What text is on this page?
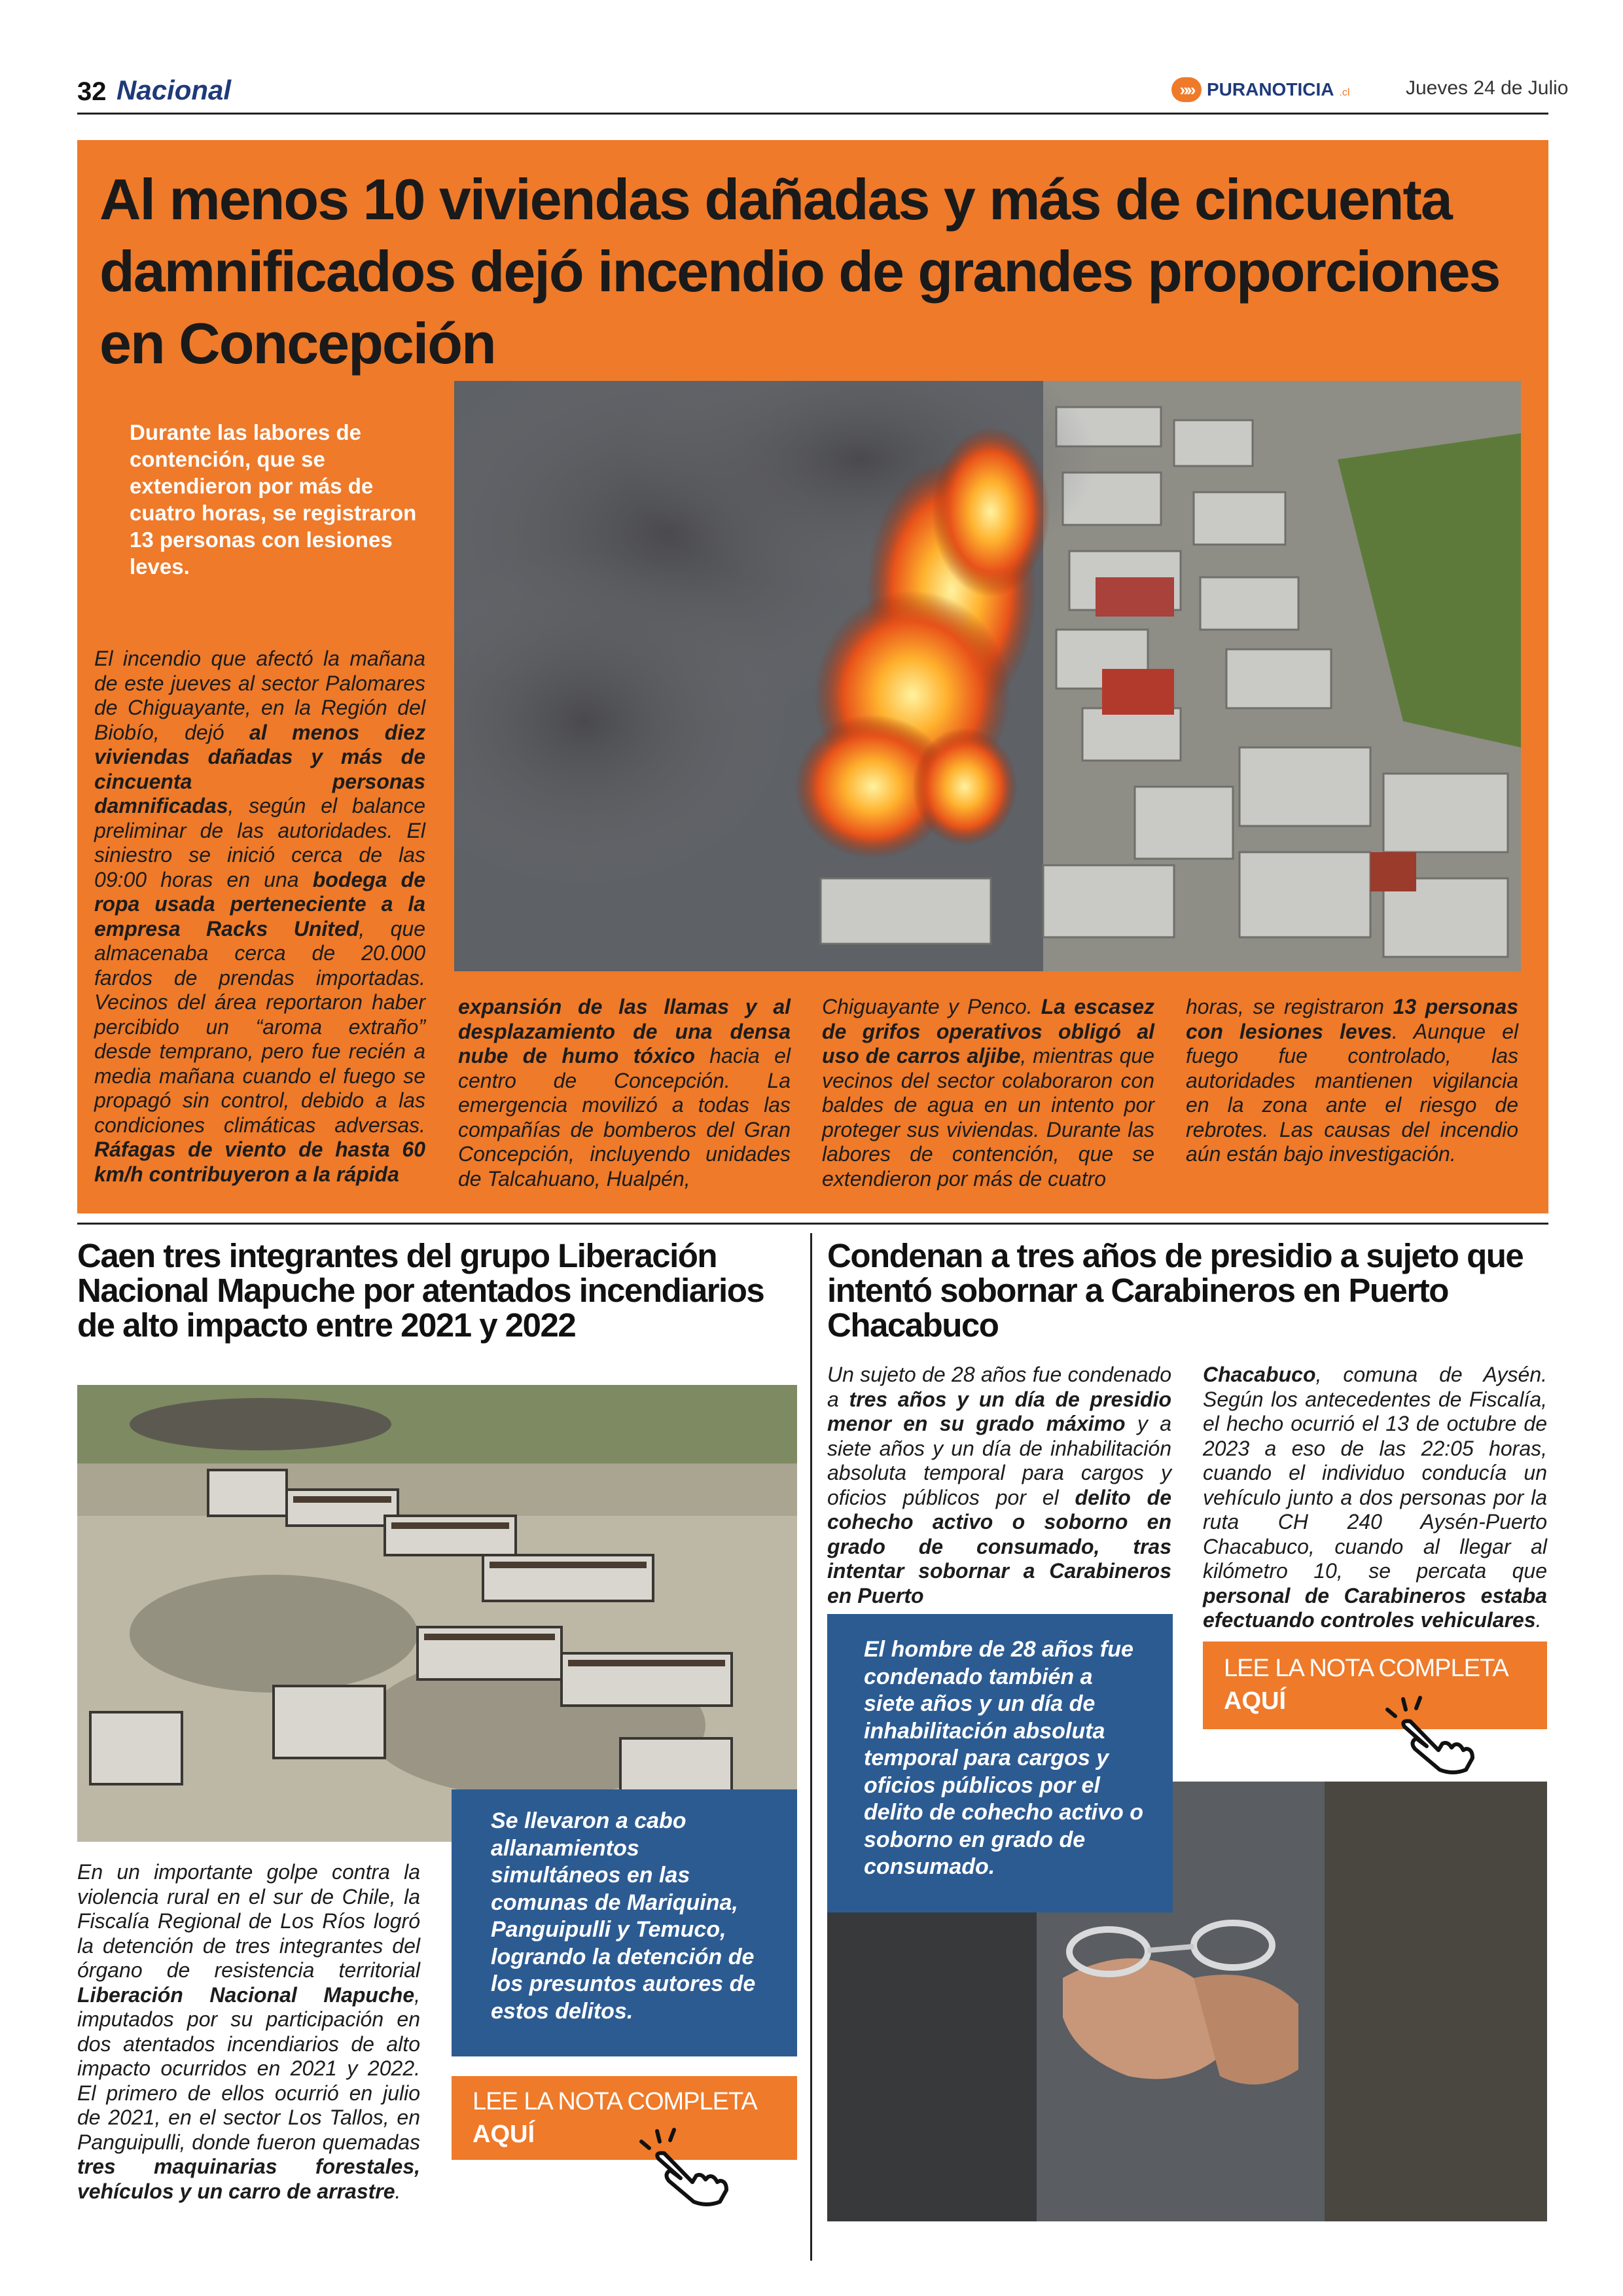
32 Nacional	»» PURANOTICIA .cl	Jueves 24 de Julio
Al menos 10 viviendas dañadas y más de cincuenta damnificados dejó incendio de grandes proporciones en Concepción
Durante las labores de contención, que se extendieron por más de cuatro horas, se registraron 13 personas con lesiones leves.
El incendio que afectó la mañana de este jueves al sector Palomares de Chiguayante, en la Región del Biobío, dejó al menos diez viviendas dañadas y más de cincuenta personas damnificadas, según el balance preliminar de las autoridades. El siniestro se inició cerca de las 09:00 horas en una bodega de ropa usada perteneciente a la empresa Racks United, que almacenaba cerca de 20.000 fardos de prendas importadas. Vecinos del área reportaron haber percibido un “aroma extraño” desde temprano, pero fue recién a media mañana cuando el fuego se propagó sin control, debido a las condiciones climáticas adversas. Ráfagas de viento de hasta 60 km/h contribuyeron a la rápida
expansión de las llamas y al desplazamiento de una densa nube de humo tóxico hacia el centro de Concepción. La emergencia movilizó a todas las compañías de bomberos del Gran Concepción, incluyendo unidades de Talcahuano, Hualpén,
Chiguayante y Penco. La escasez de grifos operativos obligó al uso de carros aljibe, mientras que vecinos del sector colaboraron con baldes de agua en un intento por proteger sus viviendas. Durante las labores de contención, que se extendieron por más de cuatro
horas, se registraron 13 personas con lesiones leves. Aunque el fuego fue controlado, las autoridades mantienen vigilancia en la zona ante el riesgo de rebrotes. Las causas del incendio aún están bajo investigación.
Caen tres integrantes del grupo Liberación Nacional Mapuche por atentados incendiarios de alto impacto entre 2021 y 2022
En un importante golpe contra la violencia rural en el sur de Chile, la Fiscalía Regional de Los Ríos logró la detención de tres integrantes del órgano de resistencia territorial Liberación Nacional Mapuche, imputados por su participación en dos atentados incendiarios de alto impacto ocurridos en 2021 y 2022. El primero de ellos ocurrió en julio de 2021, en el sector Los Tallos, en Panguipulli, donde fueron quemadas tres maquinarias forestales, vehículos y un carro de arrastre.
Se llevaron a cabo allanamientos simultáneos en las comunas de Mariquina, Panguipulli y Temuco, logrando la detención de los presuntos autores de estos delitos.
LEE LA NOTA COMPLETA
AQUÍ
Condenan a tres años de presidio a sujeto que intentó sobornar a Carabineros en Puerto Chacabuco
Un sujeto de 28 años fue condenado a tres años y un día de presidio menor en su grado máximo y a siete años y un día de inhabilitación absoluta temporal para cargos y oficios públicos por el delito de cohecho activo o soborno en grado de consumado, tras intentar sobornar a Carabineros en Puerto
Chacabuco, comuna de Aysén. Según los antecedentes de Fiscalía, el hecho ocurrió el 13 de octubre de 2023 a eso de las 22:05 horas, cuando el individuo conducía un vehículo junto a dos personas por la ruta CH 240 Aysén-Puerto Chacabuco, cuando al llegar al kilómetro 10, se percata que personal de Carabineros estaba efectuando controles vehiculares.
El hombre de 28 años fue condenado también a siete años y un día de inhabilitación absoluta temporal para cargos y oficios públicos por el delito de cohecho activo o soborno en grado de consumado.
LEE LA NOTA COMPLETA
AQUÍ
